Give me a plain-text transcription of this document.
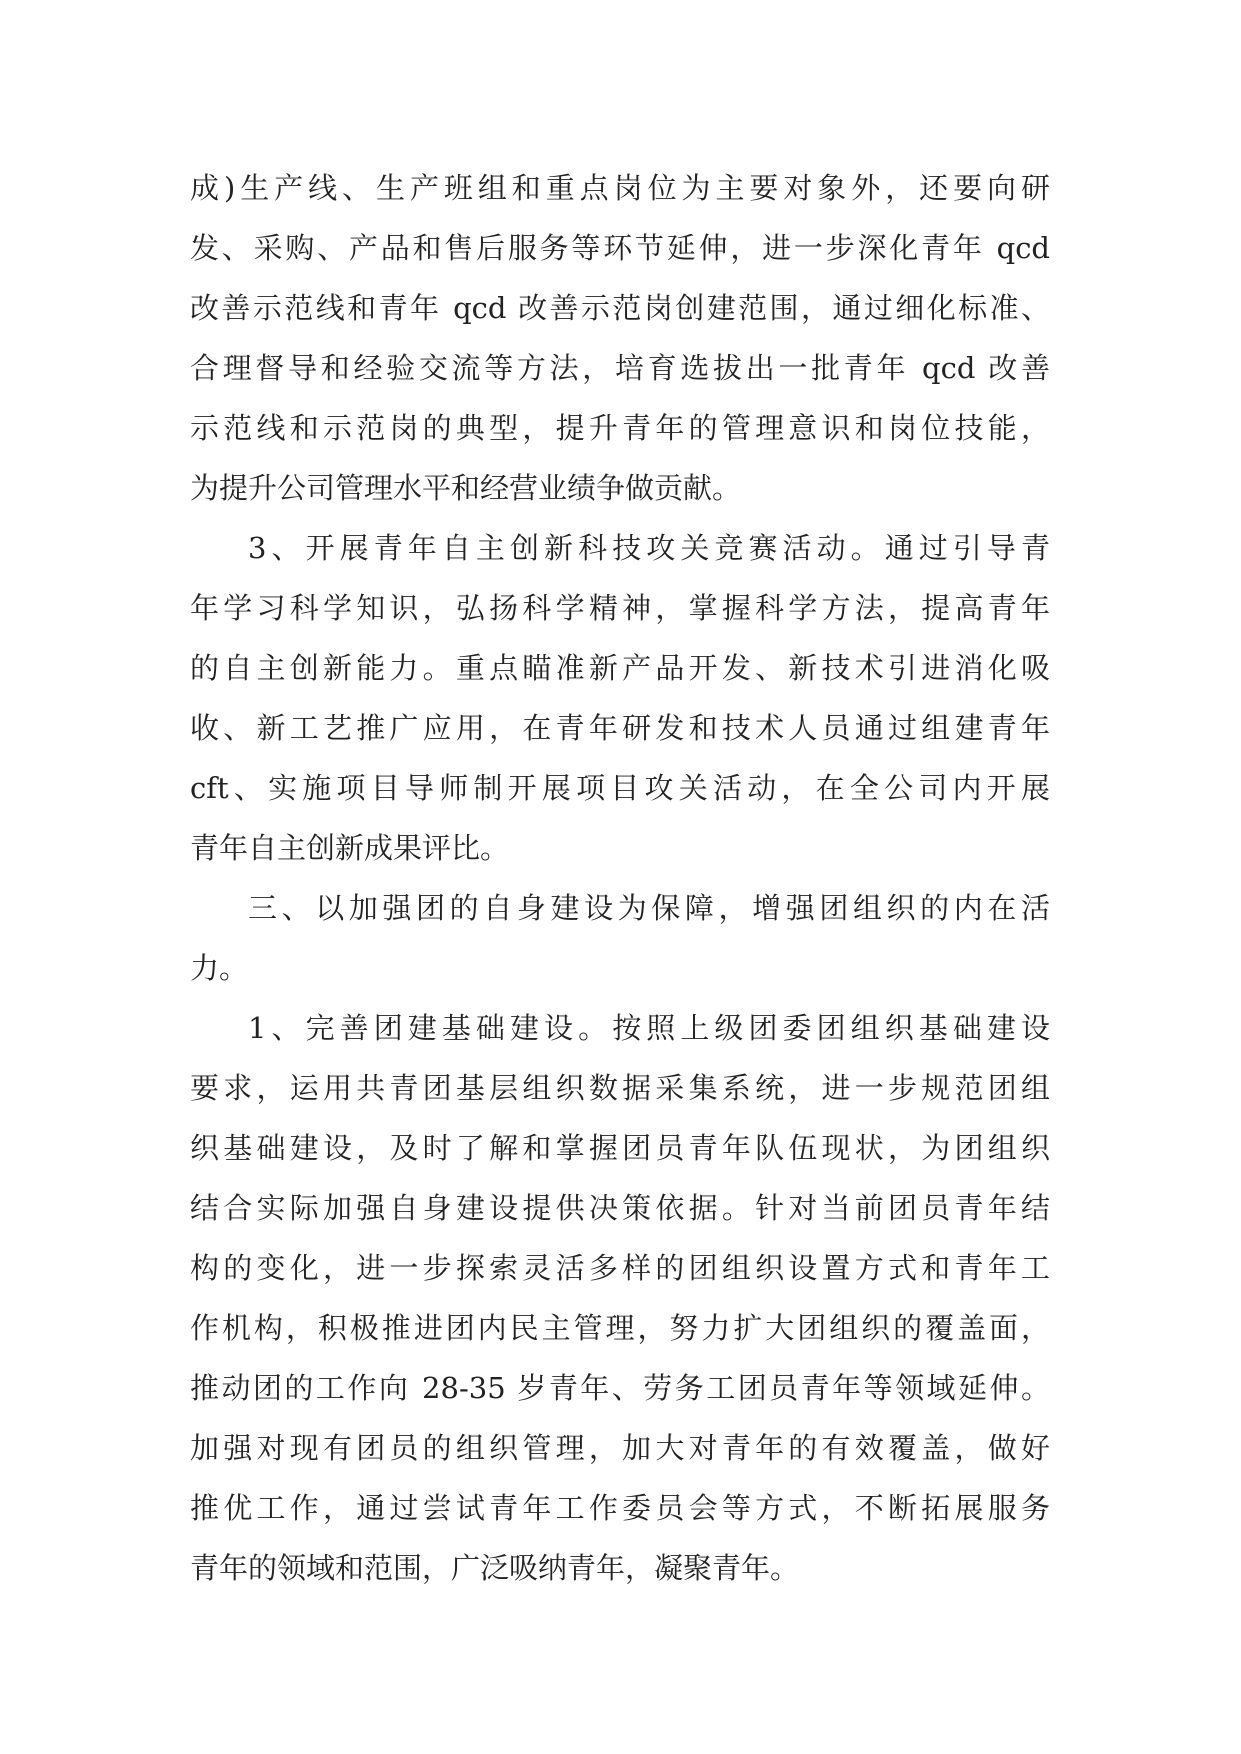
成)生产线、生产班组和重点岗位为主要对象外，还要向研
发、采购、产品和售后服务等环节延伸，进一步深化青年 qcd
改善示范线和青年 qcd 改善示范岗创建范围，通过细化标准、
合理督导和经验交流等方法，培育选拔出一批青年 qcd 改善
示范线和示范岗的典型，提升青年的管理意识和岗位技能，
为提升公司管理水平和经营业绩争做贡献。
3、开展青年自主创新科技攻关竞赛活动。通过引导青
年学习科学知识，弘扬科学精神，掌握科学方法，提高青年
的自主创新能力。重点瞄准新产品开发、新技术引进消化吸
收、新工艺推广应用，在青年研发和技术人员通过组建青年
cft、实施项目导师制开展项目攻关活动，在全公司内开展
青年自主创新成果评比。
三、以加强团的自身建设为保障，增强团组织的内在活
力。
1、完善团建基础建设。按照上级团委团组织基础建设
要求，运用共青团基层组织数据采集系统，进一步规范团组
织基础建设，及时了解和掌握团员青年队伍现状，为团组织
结合实际加强自身建设提供决策依据。针对当前团员青年结
构的变化，进一步探索灵活多样的团组织设置方式和青年工
作机构，积极推进团内民主管理，努力扩大团组织的覆盖面，
推动团的工作向 28-35 岁青年、劳务工团员青年等领域延伸。
加强对现有团员的组织管理，加大对青年的有效覆盖，做好
推优工作，通过尝试青年工作委员会等方式，不断拓展服务
青年的领域和范围，广泛吸纳青年，凝聚青年。
